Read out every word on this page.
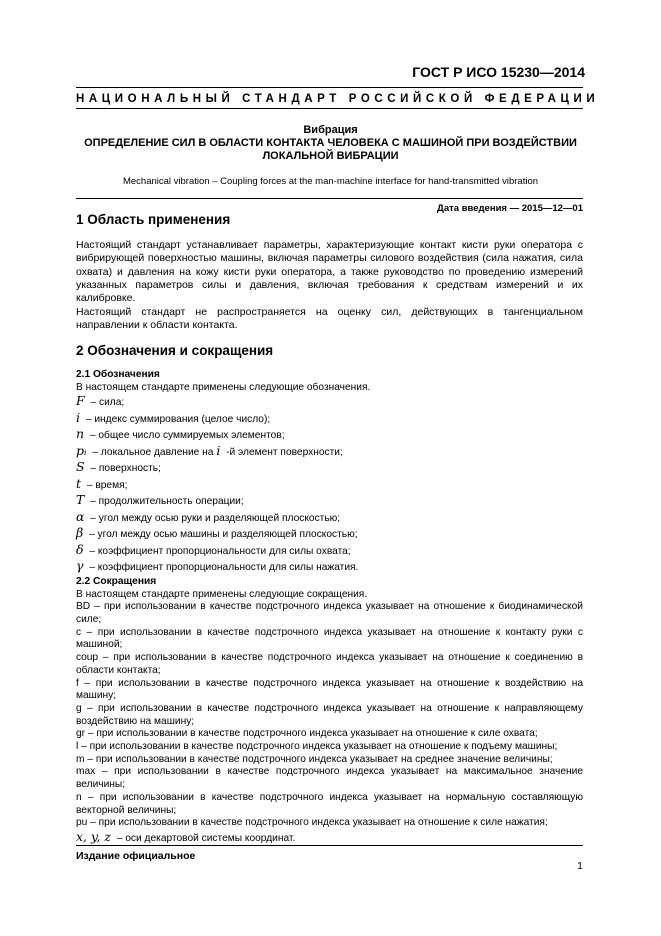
ГОСТ Р ИСО 15230—2014
НАЦИОНАЛЬНЫЙ СТАНДАРТ РОССИЙСКОЙ ФЕДЕРАЦИИ
Вибрация
ОПРЕДЕЛЕНИЕ СИЛ В ОБЛАСТИ КОНТАКТА ЧЕЛОВЕКА С МАШИНОЙ ПРИ ВОЗДЕЙСТВИИ
ЛОКАЛЬНОЙ ВИБРАЦИИ
Mechanical vibration – Coupling forces at the man-machine interface for hand-transmitted vibration
Дата введения — 2015—12—01
1 Область применения
Настоящий стандарт устанавливает параметры, характеризующие контакт кисти руки оператора с вибрирующей поверхностью машины, включая параметры силового воздействия (сила нажатия, сила охвата) и давления на кожу кисти руки оператора, а также руководство по проведению измерений указанных параметров силы и давления, включая требования к средствам измерений и их калибровке.
Настоящий стандарт не распространяется на оценку сил, действующих в тангенциальном направлении к области контакта.
2 Обозначения и сокращения
2.1 Обозначения
В настоящем стандарте применены следующие обозначения.
F – сила;
i – индекс суммирования (целое число);
n – общее число суммируемых элементов;
pᵢ – локальное давление на i -й элемент поверхности;
S – поверхность;
t – время;
T – продолжительность операции;
α – угол между осью руки и разделяющей плоскостью;
β – угол между осью машины и разделяющей плоскостью;
δ – коэффициент пропорциональности для силы охвата;
γ – коэффициент пропорциональности для силы нажатия.
2.2 Сокращения
В настоящем стандарте применены следующие сокращения.
BD – при использовании в качестве подстрочного индекса указывает на отношение к биодинамической силе;
c – при использовании в качестве подстрочного индекса указывает на отношение к контакту руки с машиной;
coup – при использовании в качестве подстрочного индекса указывает на отношение к соединению в области контакта;
f – при использовании в качестве подстрочного индекса указывает на отношение к воздействию на машину;
g – при использовании в качестве подстрочного индекса указывает на отношение к направляющему воздействию на машину;
gr – при использовании в качестве подстрочного индекса указывает на отношение к силе охвата;
l – при использовании в качестве подстрочного индекса указывает на отношение к подъему машины;
m – при использовании в качестве подстрочного индекса указывает на среднее значение величины;
max – при использовании в качестве подстрочного индекса указывает на максимальное значение величины;
n – при использовании в качестве подстрочного индекса указывает на нормальную составляющую векторной величины;
pu – при использовании в качестве подстрочного индекса указывает на отношение к силе нажатия;
x, y, z – оси декартовой системы координат.
Издание официальное
1
